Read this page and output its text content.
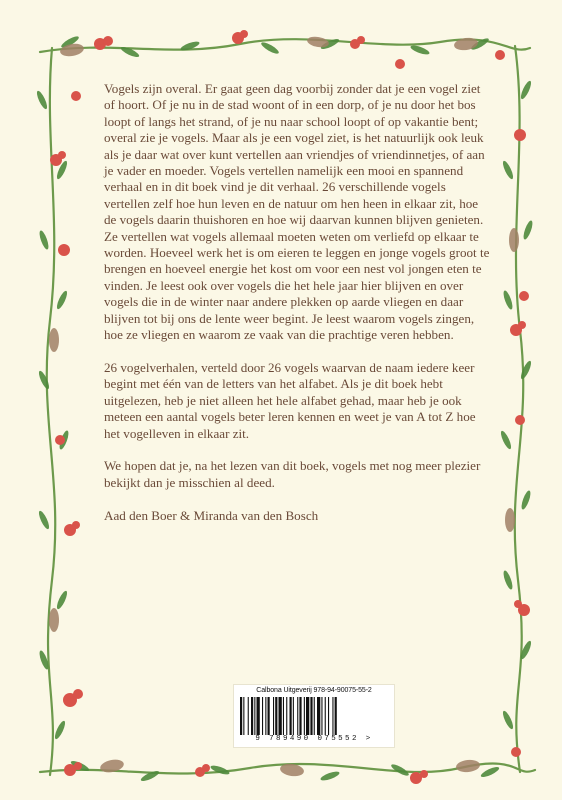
Vogels zijn overal. Er gaat geen dag voorbij zonder dat je een vogel ziet of hoort. Of je nu in de stad woont of in een dorp, of je nu door het bos loopt of langs het strand, of je nu naar school loopt of op vakantie bent; overal zie je vogels. Maar als je een vogel ziet, is het natuurlijk ook leuk als je daar wat over kunt vertellen aan vriendjes of vriendinnetjes, of aan je vader en moeder. Vogels vertellen namelijk een mooi en spannend verhaal en in dit boek vind je dit verhaal. 26 verschillende vogels vertellen zelf hoe hun leven en de natuur om hen heen in elkaar zit, hoe de vogels daarin thuishoren en hoe wij daarvan kunnen blijven genieten. Ze vertellen wat vogels allemaal moeten weten om verliefd op elkaar te worden. Hoeveel werk het is om eieren te leggen en jonge vogels groot te brengen en hoeveel energie het kost om voor een nest vol jongen eten te vinden. Je leest ook over vogels die het hele jaar hier blijven en over vogels die in de winter naar andere plekken op aarde vliegen en daar blijven tot bij ons de lente weer begint. Je leest waarom vogels zingen, hoe ze vliegen en waarom ze vaak van die prachtige veren hebben.

26 vogelverhalen, verteld door 26 vogels waarvan de naam iedere keer begint met één van de letters van het alfabet. Als je dit boek hebt uitgelezen, heb je niet alleen het hele alfabet gehad, maar heb je ook meteen een aantal vogels beter leren kennen en weet je van A tot Z hoe het vogelleven in elkaar zit.

We hopen dat je, na het lezen van dit boek, vogels met nog meer plezier bekijkt dan je misschien al deed.

Aad den Boer & Miranda van den Bosch

Calbona Uitgeverij 978-94-90075-55-2
9 789490 075552 >
